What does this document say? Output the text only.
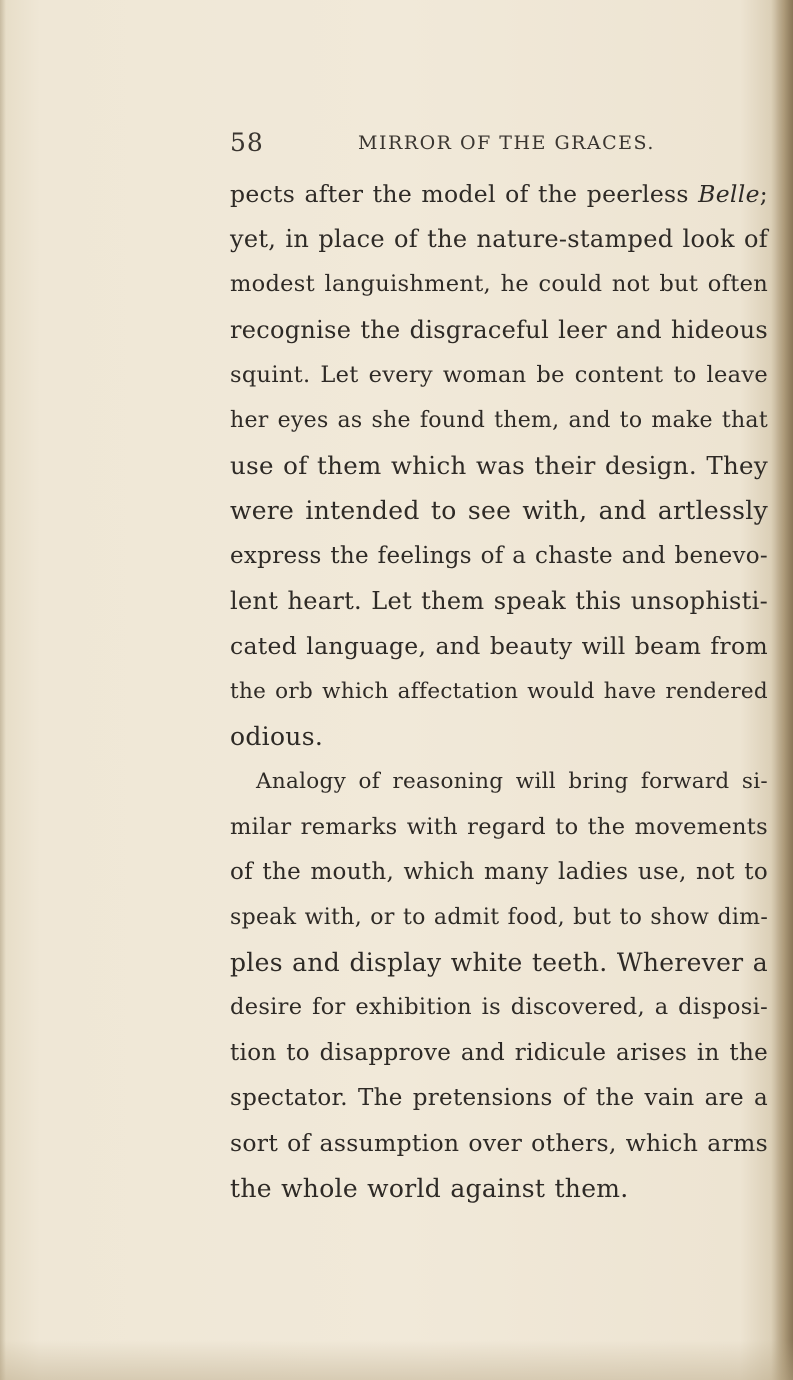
58	MIRROR OF THE GRACES.
pects after the model of the peerless Belle;
yet, in place of the nature-stamped look of
modest languishment, he could not but often
recognise the disgraceful leer and hideous
squint. Let every woman be content to leave
her eyes as she found them, and to make that
use of them which was their design. They
were intended to see with, and artlessly
express the feelings of a chaste and benevo-
lent heart. Let them speak this unsophisti-
cated language, and beauty will beam from
the orb which affectation would have rendered
odious.
Analogy of reasoning will bring forward si-
milar remarks with regard to the movements
of the mouth, which many ladies use, not to
speak with, or to admit food, but to show dim-
ples and display white teeth. Wherever a
desire for exhibition is discovered, a disposi-
tion to disapprove and ridicule arises in the
spectator. The pretensions of the vain are a
sort of assumption over others, which arms
the whole world against them.
